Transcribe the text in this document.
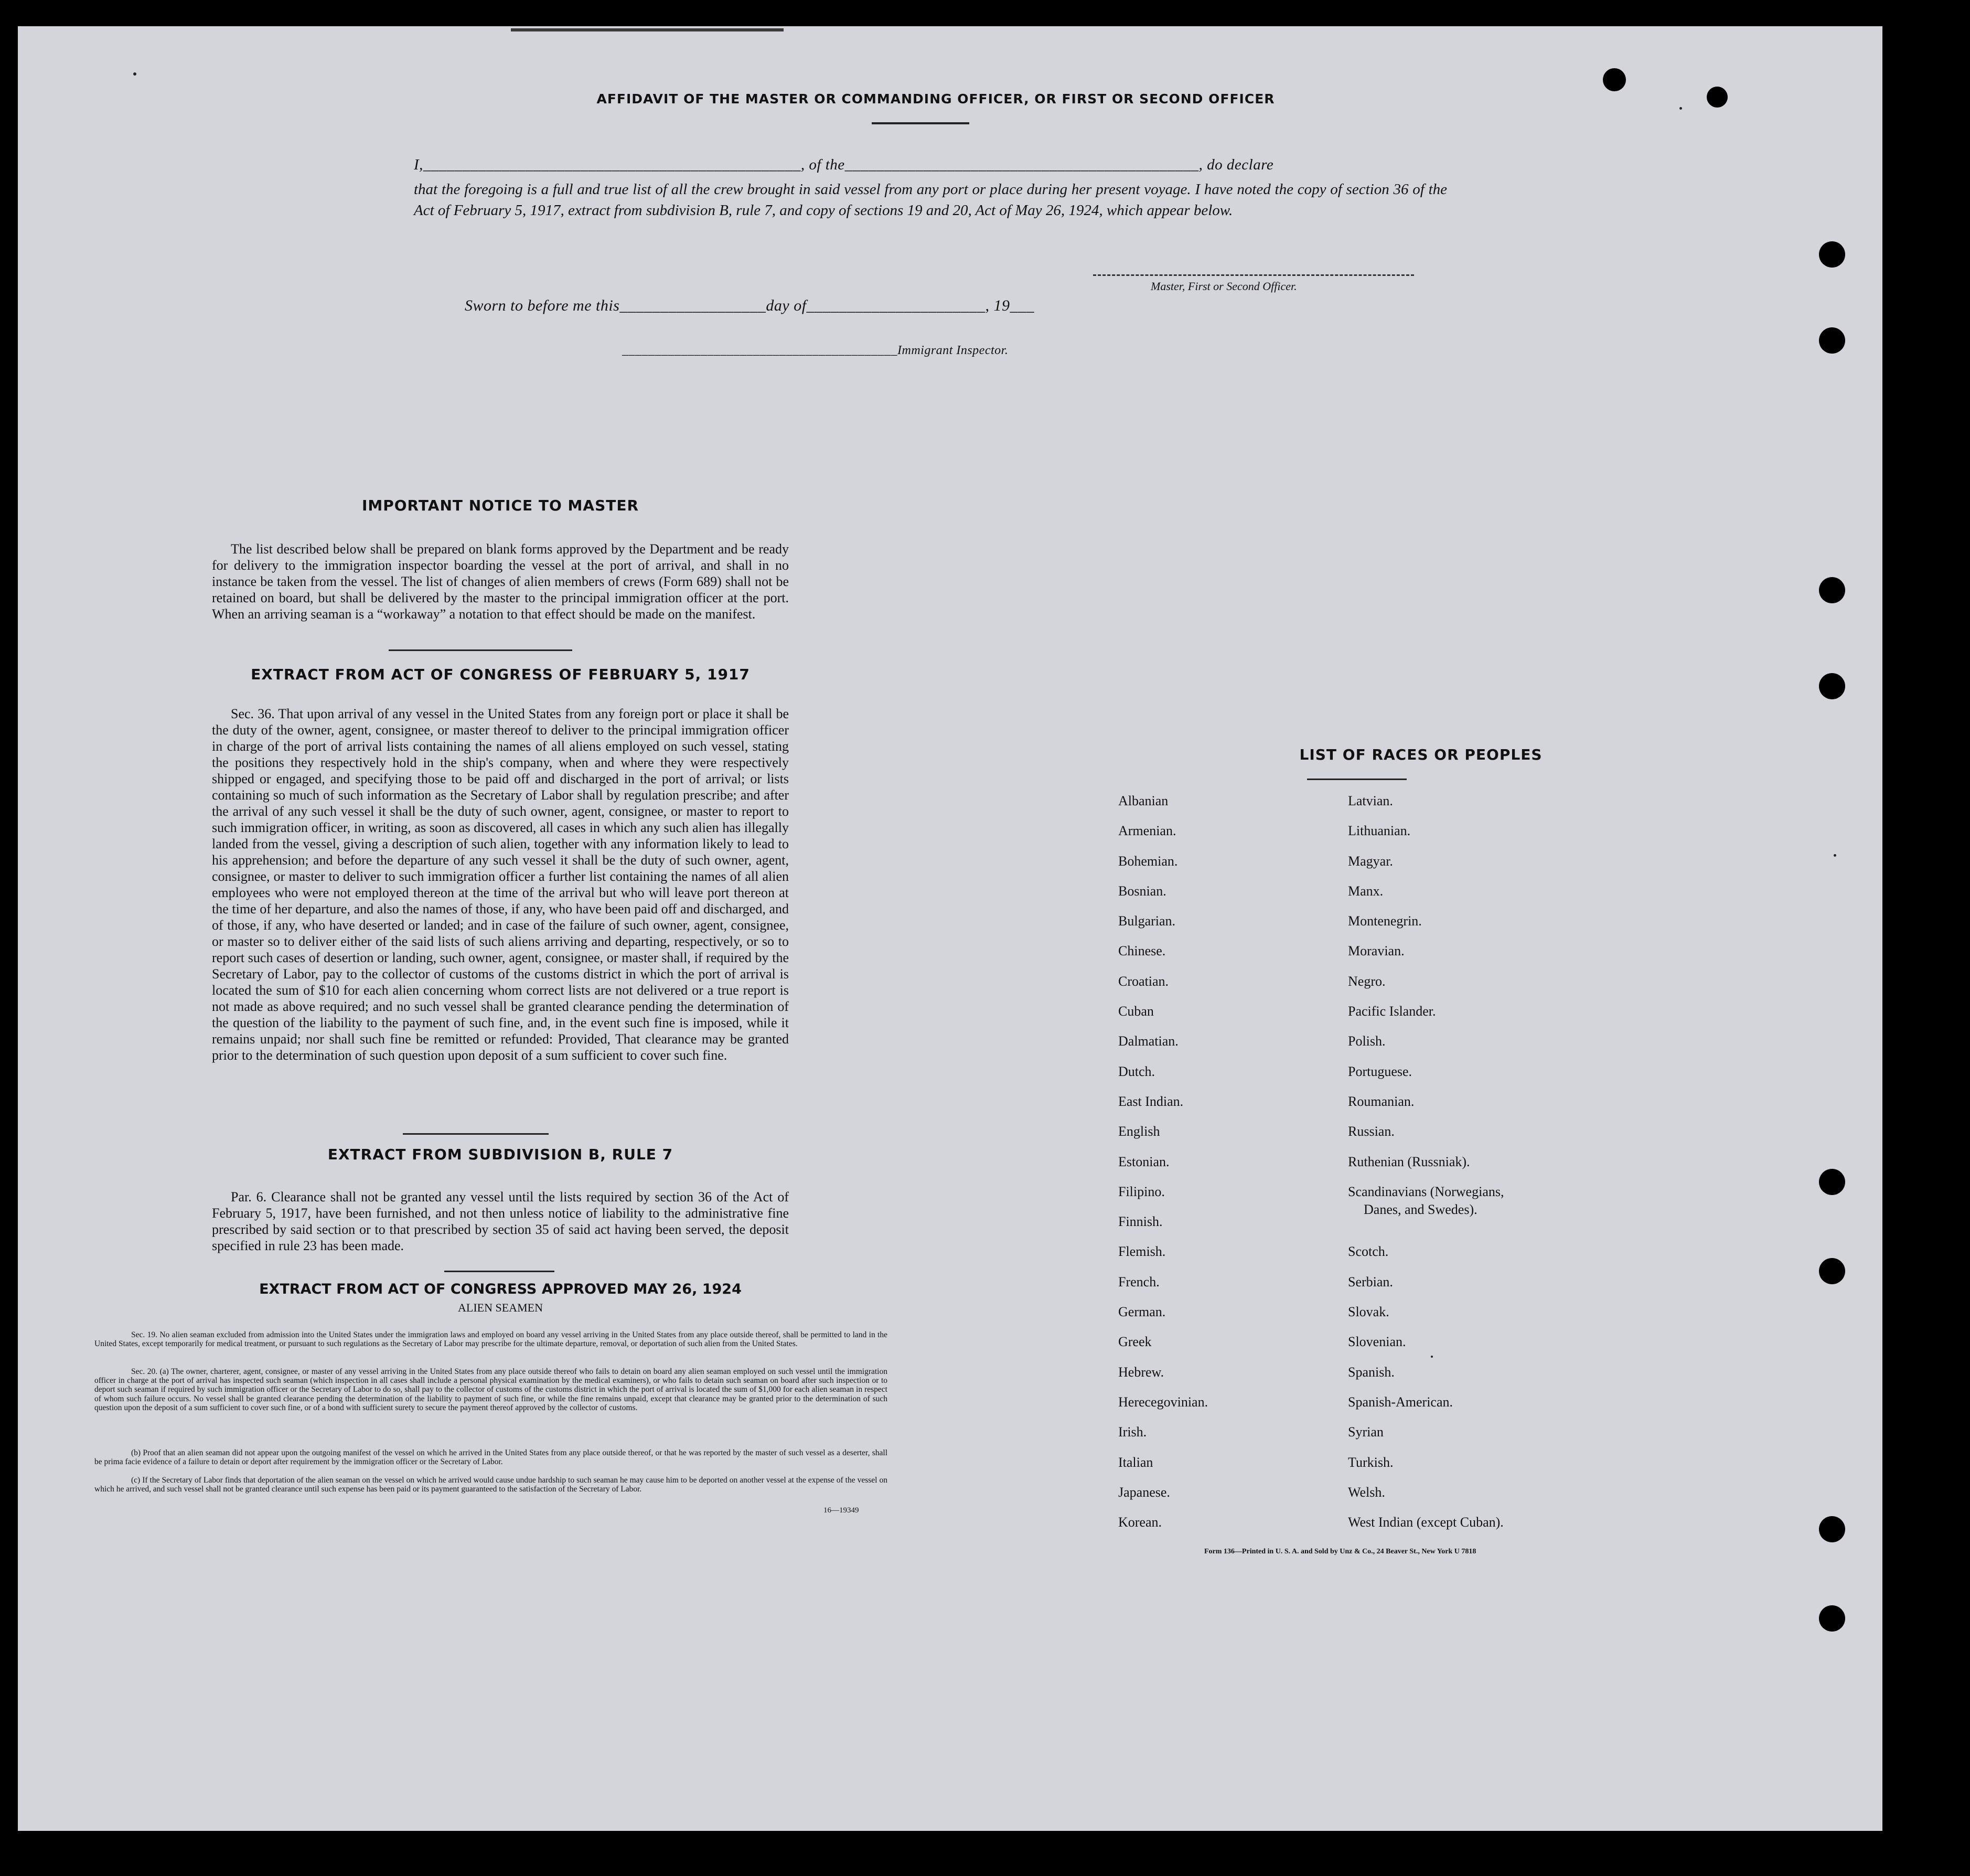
AFFIDAVIT OF THE MASTER OR COMMANDING OFFICER, OR FIRST OR SECOND OFFICER
I,________________________________________________, of the_____________________________________________, do declare
that the foregoing is a full and true list of all the crew brought in said vessel from any port or place during her present voyage. I have noted the copy of section 36 of the Act of February 5, 1917, extract from subdivision B, rule 7, and copy of sections 19 and 20, Act of May 26, 1924, which appear below.
Master, First or Second Officer.
Sworn to before me this__________________day of______________________, 19___
__________________________________________Immigrant Inspector.
IMPORTANT NOTICE TO MASTER
The list described below shall be prepared on blank forms approved by the Department and be ready for delivery to the immigration inspector boarding the vessel at the port of arrival, and shall in no instance be taken from the vessel. The list of changes of alien members of crews (Form 689) shall not be retained on board, but shall be delivered by the master to the principal immigration officer at the port. When an arriving seaman is a “workaway” a notation to that effect should be made on the manifest.
EXTRACT FROM ACT OF CONGRESS OF FEBRUARY 5, 1917
Sec. 36. That upon arrival of any vessel in the United States from any foreign port or place it shall be the duty of the owner, agent, consignee, or master thereof to deliver to the principal immigration officer in charge of the port of arrival lists containing the names of all aliens employed on such vessel, stating the positions they respectively hold in the ship's company, when and where they were respectively shipped or engaged, and specifying those to be paid off and discharged in the port of arrival; or lists containing so much of such information as the Secretary of Labor shall by regulation prescribe; and after the arrival of any such vessel it shall be the duty of such owner, agent, consignee, or master to report to such immigration officer, in writing, as soon as discovered, all cases in which any such alien has illegally landed from the vessel, giving a description of such alien, together with any information likely to lead to his apprehension; and before the departure of any such vessel it shall be the duty of such owner, agent, consignee, or master to deliver to such immigration officer a further list containing the names of all alien employees who were not employed thereon at the time of the arrival but who will leave port thereon at the time of her departure, and also the names of those, if any, who have been paid off and discharged, and of those, if any, who have deserted or landed; and in case of the failure of such owner, agent, consignee, or master so to deliver either of the said lists of such aliens arriving and departing, respectively, or so to report such cases of desertion or landing, such owner, agent, consignee, or master shall, if required by the Secretary of Labor, pay to the collector of customs of the customs district in which the port of arrival is located the sum of $10 for each alien concerning whom correct lists are not delivered or a true report is not made as above required; and no such vessel shall be granted clearance pending the determination of the question of the liability to the payment of such fine, and, in the event such fine is imposed, while it remains unpaid; nor shall such fine be remitted or refunded: Provided, That clearance may be granted prior to the determination of such question upon deposit of a sum sufficient to cover such fine.
EXTRACT FROM SUBDIVISION B, RULE 7
Par. 6. Clearance shall not be granted any vessel until the lists required by section 36 of the Act of February 5, 1917, have been furnished, and not then unless notice of liability to the administrative fine prescribed by said section or to that prescribed by section 35 of said act having been served, the deposit specified in rule 23 has been made.
EXTRACT FROM ACT OF CONGRESS APPROVED MAY 26, 1924
ALIEN SEAMEN
Sec. 19. No alien seaman excluded from admission into the United States under the immigration laws and employed on board any vessel arriving in the United States from any place outside thereof, shall be permitted to land in the United States, except temporarily for medical treatment, or pursuant to such regulations as the Secretary of Labor may prescribe for the ultimate departure, removal, or deportation of such alien from the United States.
Sec. 20. (a) The owner, charterer, agent, consignee, or master of any vessel arriving in the United States from any place outside thereof who fails to detain on board any alien seaman employed on such vessel until the immigration officer in charge at the port of arrival has inspected such seaman (which inspection in all cases shall include a personal physical examination by the medical examiners), or who fails to detain such seaman on board after such inspection or to deport such seaman if required by such immigration officer or the Secretary of Labor to do so, shall pay to the collector of customs of the customs district in which the port of arrival is located the sum of $1,000 for each alien seaman in respect of whom such failure occurs. No vessel shall be granted clearance pending the determination of the liability to payment of such fine, or while the fine remains unpaid, except that clearance may be granted prior to the determination of such question upon the deposit of a sum sufficient to cover such fine, or of a bond with sufficient surety to secure the payment thereof approved by the collector of customs.
(b) Proof that an alien seaman did not appear upon the outgoing manifest of the vessel on which he arrived in the United States from any place outside thereof, or that he was reported by the master of such vessel as a deserter, shall be prima facie evidence of a failure to detain or deport after requirement by the immigration officer or the Secretary of Labor.
(c) If the Secretary of Labor finds that deportation of the alien seaman on the vessel on which he arrived would cause undue hardship to such seaman he may cause him to be deported on another vessel at the expense of the vessel on which he arrived, and such vessel shall not be granted clearance until such expense has been paid or its payment guaranteed to the satisfaction of the Secretary of Labor.
16—19349
LIST OF RACES OR PEOPLES
Albanian
Armenian.
Bohemian.
Bosnian.
Bulgarian.
Chinese.
Croatian.
Cuban
Dalmatian.
Dutch.
East Indian.
English
Estonian.
Filipino.
Finnish.
Flemish.
French.
German.
Greek
Hebrew.
Herecegovinian.
Irish.
Italian
Japanese.
Korean.
Latvian.
Lithuanian.
Magyar.
Manx.
Montenegrin.
Moravian.
Negro.
Pacific Islander.
Polish.
Portuguese.
Roumanian.
Russian.
Ruthenian (Russniak).
Scandinavians (Norwegians,
Danes, and Swedes).
Scotch.
Serbian.
Slovak.
Slovenian.
Spanish.
Spanish-American.
Syrian
Turkish.
Welsh.
West Indian (except Cuban).
Form 136—Printed in U. S. A. and Sold by Unz & Co., 24 Beaver St., New York U 7818
